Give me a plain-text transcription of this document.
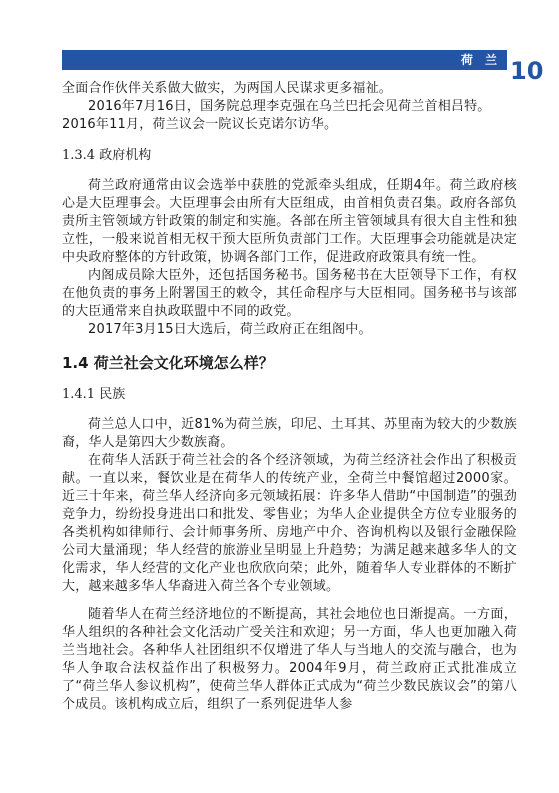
荷 兰 10

全面合作伙伴关系做大做实，为两国人民谋求更多福祉。

2016年7月16日，国务院总理李克强在乌兰巴托会见荷兰首相吕特。

2016年11月，荷兰议会一院议长克诺尔访华。

1.3.4 政府机构

荷兰政府通常由议会选举中获胜的党派牵头组成，任期4年。荷兰政府核心是大臣理事会。大臣理事会由所有大臣组成，由首相负责召集。政府各部负责所主管领域方针政策的制定和实施。各部在所主管领域具有很大自主性和独立性，一般来说首相无权干预大臣所负责部门工作。大臣理事会功能就是决定中央政府整体的方针政策，协调各部门工作，促进政府政策具有统一性。

内阁成员除大臣外，还包括国务秘书。国务秘书在大臣领导下工作，有权在他负责的事务上附署国王的敕令，其任命程序与大臣相同。国务秘书与该部的大臣通常来自执政联盟中不同的政党。

2017年3月15日大选后，荷兰政府正在组阁中。

1.4 荷兰社会文化环境怎么样？
1.4.1 民族

荷兰总人口中，近81%为荷兰族，印尼、土耳其、苏里南为较大的少数族裔，华人是第四大少数族裔。

在荷华人活跃于荷兰社会的各个经济领域，为荷兰经济社会作出了积极贡献。一直以来，餐饮业是在荷华人的传统产业，全荷兰中餐馆超过2000家。近三十年来，荷兰华人经济向多元领域拓展：许多华人借助“中国制造”的强劲竞争力，纷纷投身进出口和批发、零售业；为华人企业提供全方位专业服务的各类机构如律师行、会计师事务所、房地产中介、咨询机构以及银行金融保险公司大量涌现；华人经营的旅游业呈明显上升趋势；为满足越来越多华人的文化需求，华人经营的文化产业也欣欣向荣；此外，随着华人专业群体的不断扩大，越来越多华人华裔进入荷兰各个专业领域。

随着华人在荷兰经济地位的不断提高，其社会地位也日渐提高。一方面，华人组织的各种社会文化活动广受关注和欢迎；另一方面，华人也更加融入荷兰当地社会。各种华人社团组织不仅增进了华人与当地人的交流与融合，也为华人争取合法权益作出了积极努力。2004年9月，荷兰政府正式批准成立了“荷兰华人参议机构”，使荷兰华人群体正式成为“荷兰少数民族议会”的第八个成员。该机构成立后，组织了一系列促进华人参
